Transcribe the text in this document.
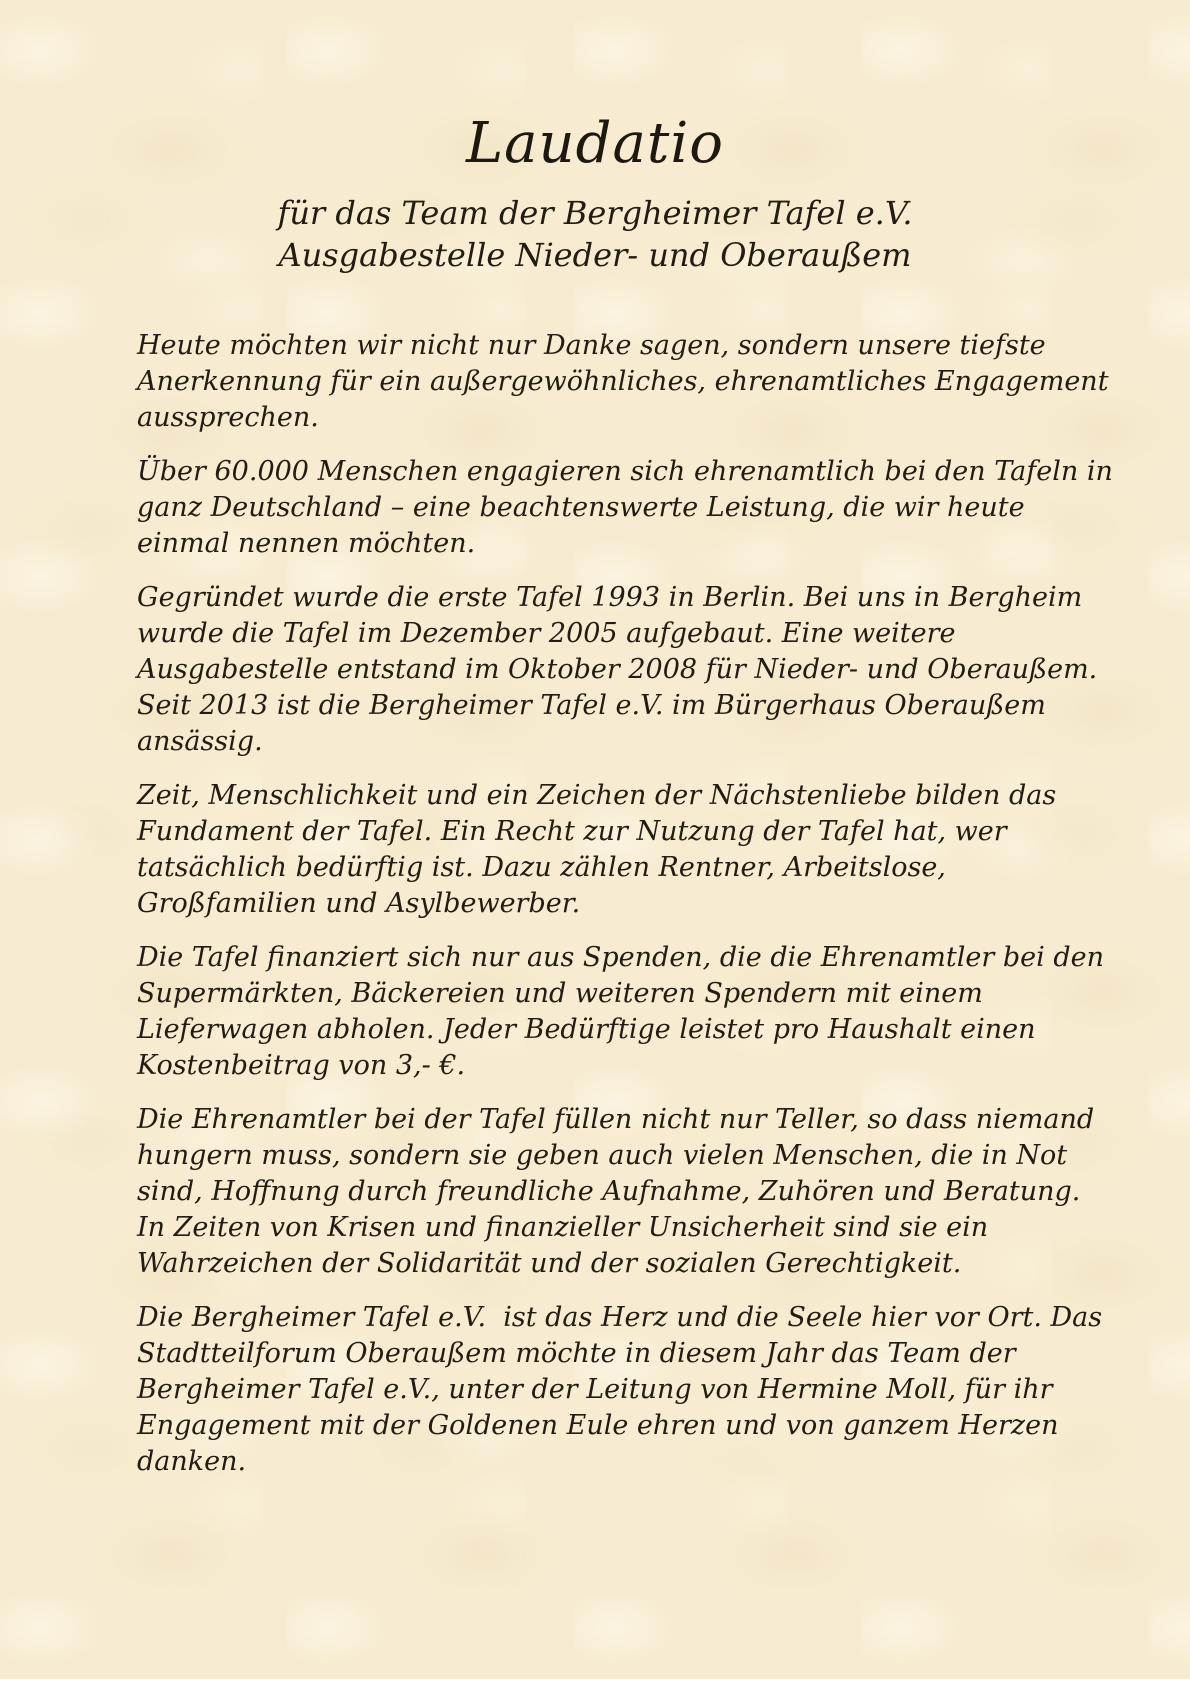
Laudatio
für das Team der Bergheimer Tafel e.V.
Ausgabestelle Nieder- und Oberaußem

Heute möchten wir nicht nur Danke sagen, sondern unsere tiefste
Anerkennung für ein außergewöhnliches, ehrenamtliches Engagement
aussprechen.

Über 60.000 Menschen engagieren sich ehrenamtlich bei den Tafeln in
ganz Deutschland – eine beachtenswerte Leistung, die wir heute
einmal nennen möchten.

Gegründet wurde die erste Tafel 1993 in Berlin. Bei uns in Bergheim
wurde die Tafel im Dezember 2005 aufgebaut. Eine weitere
Ausgabestelle entstand im Oktober 2008 für Nieder- und Oberaußem.
Seit 2013 ist die Bergheimer Tafel e.V. im Bürgerhaus Oberaußem
ansässig.

Zeit, Menschlichkeit und ein Zeichen der Nächstenliebe bilden das
Fundament der Tafel. Ein Recht zur Nutzung der Tafel hat, wer
tatsächlich bedürftig ist. Dazu zählen Rentner, Arbeitslose,
Großfamilien und Asylbewerber.

Die Tafel finanziert sich nur aus Spenden, die die Ehrenamtler bei den
Supermärkten, Bäckereien und weiteren Spendern mit einem
Lieferwagen abholen. Jeder Bedürftige leistet pro Haushalt einen
Kostenbeitrag von 3,- €.

Die Ehrenamtler bei der Tafel füllen nicht nur Teller, so dass niemand
hungern muss, sondern sie geben auch vielen Menschen, die in Not
sind, Hoffnung durch freundliche Aufnahme, Zuhören und Beratung.
In Zeiten von Krisen und finanzieller Unsicherheit sind sie ein
Wahrzeichen der Solidarität und der sozialen Gerechtigkeit.

Die Bergheimer Tafel e.V.  ist das Herz und die Seele hier vor Ort. Das
Stadtteilforum Oberaußem möchte in diesem Jahr das Team der
Bergheimer Tafel e.V., unter der Leitung von Hermine Moll, für ihr
Engagement mit der Goldenen Eule ehren und von ganzem Herzen
danken.
